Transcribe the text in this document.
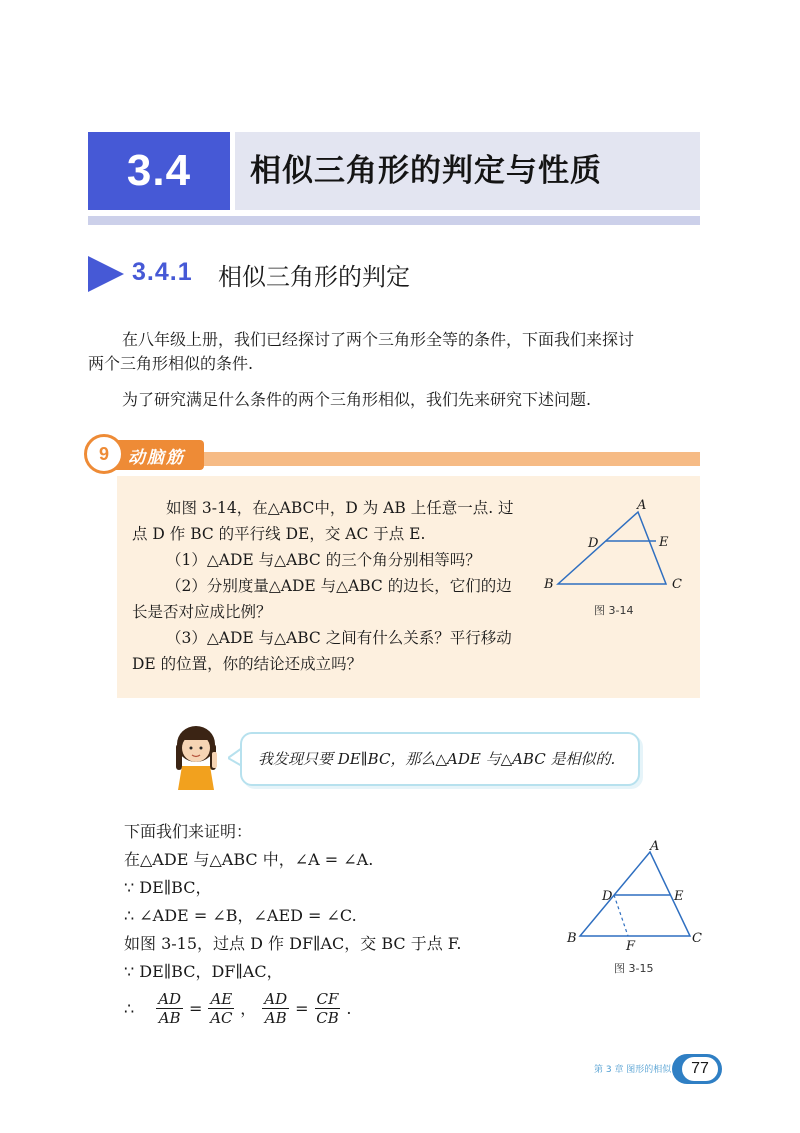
3.4	相似三角形的判定与性质
3.4.1 相似三角形的判定
在八年级上册，我们已经探讨了两个三角形全等的条件，下面我们来探讨
两个三角形相似的条件.
为了研究满足什么条件的两个三角形相似，我们先来研究下述问题.
9	动脑筋
如图 3-14，在△ABC中，D 为 AB 上任意一点. 过
点 D 作 BC 的平行线 DE，交 AC 于点 E.
（1）△ADE 与△ABC 的三个角分别相等吗？
（2）分别度量△ADE 与△ABC 的边长，它们的边
长是否对应成比例？
（3）△ADE 与△ABC 之间有什么关系？平行移动
DE 的位置，你的结论还成立吗？
A
D	E
B	C
图 3-14
我发现只要 DE∥BC，那么△ADE 与△ABC 是相似的.
下面我们来证明：
在△ADE 与△ABC 中，∠A = ∠A.
∵ DE∥BC，
∴ ∠ADE = ∠B，∠AED = ∠C.
如图 3-15，过点 D 作 DF∥AC，交 BC 于点 F.
∵ DE∥BC，DF∥AC，
∴ $\frac{AD}{AB} = \frac{AE}{AC}$ ， $\frac{AD}{AB} = \frac{CF}{CB}$ .
A
D	E
B	C
F
图 3-15
第 3 章 图形的相似	77
